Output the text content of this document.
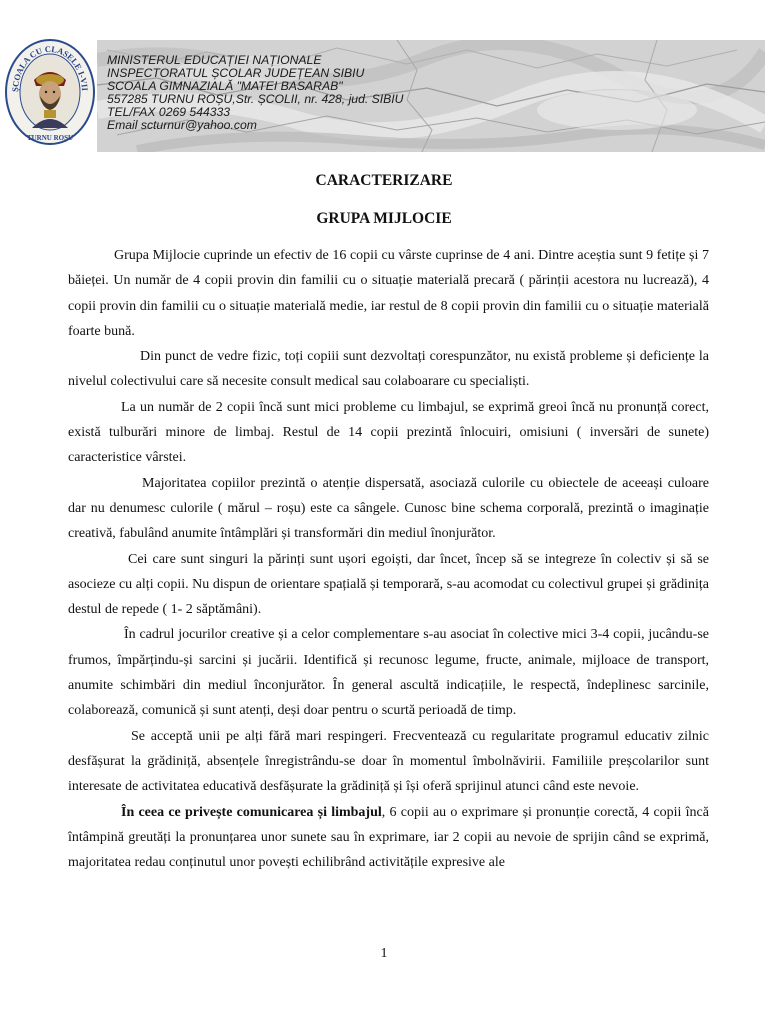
ȘCOALA CU CLASELE I-VII
TURNU ROȘU
MINISTERUL EDUCAȚIEI NAȚIONALE
INSPECTORATUL ȘCOLAR JUDEȚEAN SIBIU
SCOALA GIMNAZIALĂ "MATEI BASARAB"
557285 TURNU ROȘU,Str. ȘCOLII, nr. 428, jud. SIBIU
TEL/FAX 0269 544333
Email scturnur@yahoo.com
CARACTERIZARE
GRUPA MIJLOCIE

Grupa Mijlocie cuprinde un efectiv de 16 copii cu vârste cuprinse de 4 ani. Dintre aceștia sunt 9 fetițe și 7 băieței. Un număr de 4 copii provin din familii cu o situație materială precară ( părinții acestora nu lucrează), 4 copii provin din familii cu o situație materială medie, iar restul de 8 copii provin din familii cu o situație materială foarte bună.

Din punct de vedre fizic, toți copiii sunt dezvoltați corespunzător, nu există probleme și deficiențe la nivelul colectivului care să necesite consult medical sau colaboarare cu specialiști.

La un număr de 2 copii încă sunt mici probleme cu limbajul, se exprimă greoi încă nu pronunță corect, există tulburări minore de limbaj. Restul de 14 copii prezintă înlocuiri, omisiuni ( inversări de sunete) caracteristice vârstei.

Majoritatea copiilor prezintă o atenție dispersată, asociază culorile cu obiectele de aceeași culoare dar nu denumesc culorile ( mărul – roșu) este ca sângele. Cunosc bine schema corporală, prezintă o imaginație creativă, fabulând anumite întâmplări și transformări din mediul înonjurător.

Cei care sunt singuri la părinți sunt ușori egoiști, dar încet, încep să se integreze în colectiv și să se asocieze cu alți copii. Nu dispun de orientare spațială și temporară, s-au acomodat cu colectivul grupei și grădinița destul de repede ( 1- 2 săptămâni).

În cadrul jocurilor creative și a celor complementare s-au asociat în colective mici 3-4 copii, jucându-se frumos, împărțindu-și sarcini și jucării. Identifică și recunosc legume, fructe, animale, mijloace de transport, anumite schimbări din mediul înconjurător. În general ascultă indicațiile, le respectă, îndeplinesc sarcinile, colaborează, comunică și sunt atenți, deși doar pentru o scurtă perioadă de timp.

Se acceptă unii pe alți fără mari respingeri. Frecventează cu regularitate programul educativ zilnic desfășurat la grădiniță, absențele înregistrându-se doar în momentul îmbolnăvirii. Familiile preșcolarilor sunt interesate de activitatea educativă desfășurate la grădiniță și își oferă sprijinul atunci când este nevoie.

În ceea ce privește comunicarea și limbajul, 6 copii au o exprimare și pronunție corectă, 4 copii încă întâmpină greutăți la pronunțarea unor sunete sau în exprimare, iar 2 copii au nevoie de sprijin când se exprimă, majoritatea redau conținutul unor povești echilibrând activitățile expresive ale

1
